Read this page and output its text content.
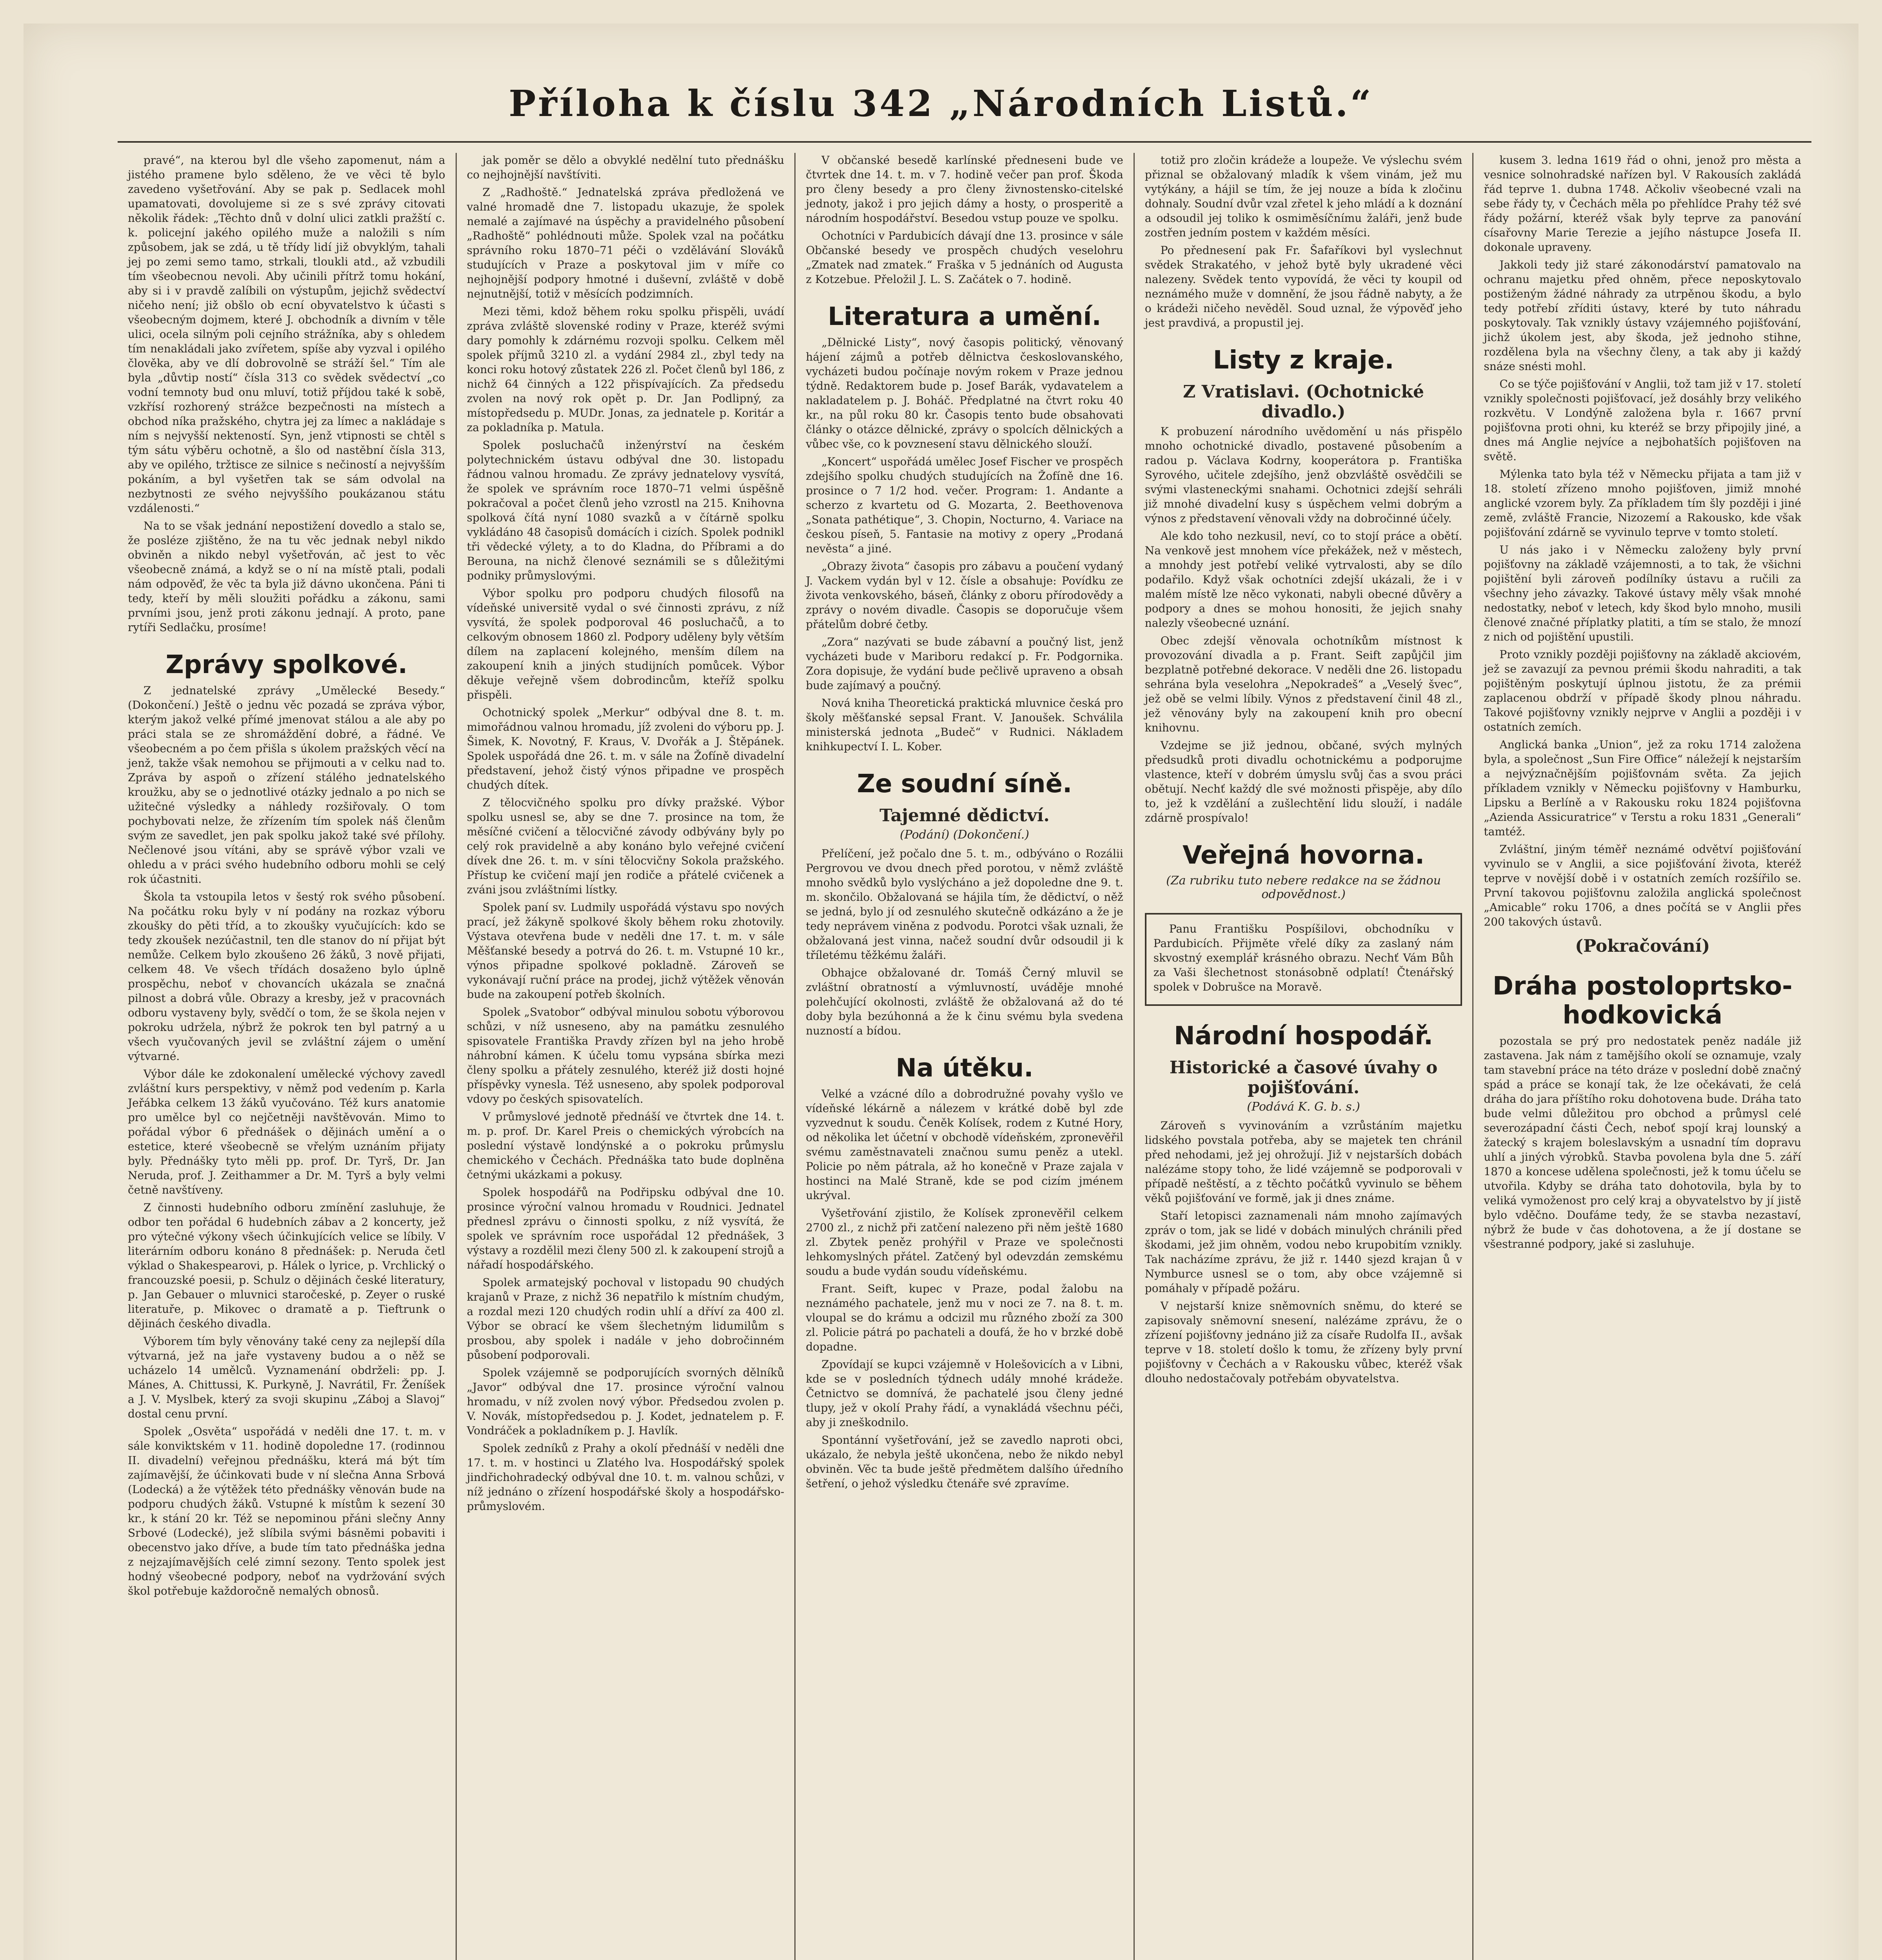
Příloha k číslu 342 „Národních Listů.“

pravé“, na kterou byl dle všeho zapomenut, nám a jistého pramene bylo sděleno, že ve věci tě bylo zavedeno vyšetřování. Aby se pak p. Sedlacek mohl upamatovati, dovolujeme si ze s své zprávy citovati několik řádek: „Těchto dnů v dolní ulici zatkli pražští c. k. policejní jakého opilého muže a naložili s ním způsobem, jak se zdá, u tě třídy lidí již obvyklým, tahali jej po zemi semo tamo, strkali, tloukli atd., až vzbudili tím všeobecnou nevoli. Aby učinili přítrž tomu hokání, aby si i v pravdě zalíbili on výstupům, jejichž svědectví ničeho není; již obšlo ob ecní obyvatelstvo k účasti s všeobecným dojmem, které J. obchodník a divním v těle ulici, ocela silným poli cejního strážníka, aby s ohledem tím nenakládali jako zvířetem, spíše aby vyzval i opilého člověka, aby ve dlí dobrovolně se stráží šel.“ Tím ale byla „důvtip ností“ čísla 313 co svědek svědectví „co vodní temnoty bud onu mluví, totiž příjdou také k sobě, vzkřísí rozhorený strážce bezpečnosti na místech a obchod níka pražského, chytra jej za límec a nakládaje s ním s nejvyšší nekteností. Syn, jenž vtipnosti se chtěl s tým sátu výběru ochotně, a šlo od nastěbní čísla 313, aby ve opilého, tržtisce ze silnice s nečiností a nejvyšším pokáním, a byl vyšetřen tak se sám odvolal na nezbytnosti ze svého nejvyššího poukázanou státu vzdálenosti.“

Na to se však jednání nepostižení dovedlo a stalo se, že posléze zjištěno, že na tu věc jednak nebyl nikdo obviněn a nikdo nebyl vyšetřován, ač jest to věc všeobecně známá, a když se o ní na místě ptali, podali nám odpověď, že věc ta byla již dávno ukončena. Páni ti tedy, kteří by měli sloužiti pořádku a zákonu, sami prvními jsou, jenž proti zákonu jednají. A proto, pane rytíři Sedlačku, prosíme!

Zprávy spolkové.

Z jednatelské zprávy „Umělecké Besedy.“ (Dokončení.) Ještě o jednu věc pozadá se zpráva výbor, kterým jakož velké přímé jmenovat stálou a ale aby po práci stala se ze shromáždění dobré, a řádné. Ve všeobecném a po čem přišla s úkolem pražských věcí na jenž, takže však nemohou se přijmouti a v celku nad to. Zpráva by aspoň o zřízení stálého jednatelského kroužku, aby se o jednotlivé otázky jednalo a po nich se užitečné výsledky a náhledy rozšiřovaly. O tom pochybovati nelze, že zřízením tím spolek náš členům svým ze savedlet, jen pak spolku jakož také své přílohy. Nečlenové jsou vítáni, aby se správě výbor vzali ve ohledu a v práci svého hudebního odboru mohli se celý rok účastniti.

Škola ta vstoupila letos v šestý rok svého působení. Na počátku roku byly v ní podány na rozkaz výboru zkoušky do pěti tříd, a to zkoušky vyučujících: kdo se tedy zkoušek nezúčastnil, ten dle stanov do ní přijat být nemůže. Celkem bylo zkoušeno 26 žáků, 3 nově přijati, celkem 48. Ve všech třídách dosaženo bylo úplně prospěchu, neboť v chovancích ukázala se značná pilnost a dobrá vůle. Obrazy a kresby, jež v pracovnách odboru vystaveny byly, svědčí o tom, že se škola nejen v pokroku udržela, nýbrž že pokrok ten byl patrný a u všech vyučovaných jevil se zvláštní zájem o umění výtvarné.

Výbor dále ke zdokonalení umělecké výchovy zavedl zvláštní kurs perspektivy, v němž pod vedením p. Karla Jeřábka celkem 13 žáků vyučováno. Též kurs anatomie pro umělce byl co nejčetněji navštěvován. Mimo to pořádal výbor 6 přednášek o dějinách umění a o estetice, které všeobecně se vřelým uznáním přijaty byly. Přednášky tyto měli pp. prof. Dr. Tyrš, Dr. Jan Neruda, prof. J. Zeithammer a Dr. M. Tyrš a byly velmi četně navštíveny.

Z činnosti hudebního odboru zmínění zasluhuje, že odbor ten pořádal 6 hudebních zábav a 2 koncerty, jež pro výtečné výkony všech účinkujících velice se líbily. V literárním odboru konáno 8 přednášek: p. Neruda četl výklad o Shakespearovi, p. Hálek o lyrice, p. Vrchlický o francouzské poesii, p. Schulz o dějinách české literatury, p. Jan Gebauer o mluvnici staročeské, p. Zeyer o ruské literatuře, p. Mikovec o dramatě a p. Tieftrunk o dějinách českého divadla.

Výborem tím byly věnovány také ceny za nejlepší díla výtvarná, jež na jaře vystaveny budou a o něž se ucházelo 14 umělců. Vyznamenání obdrželi: pp. J. Mánes, A. Chittussi, K. Purkyně, J. Navrátil, Fr. Ženíšek a J. V. Myslbek, který za svoji skupinu „Záboj a Slavoj“ dostal cenu první.

Spolek „Osvěta“ uspořádá v neděli dne 17. t. m. v sále konviktském v 11. hodině dopoledne 17. (rodinnou II. divadelní) veřejnou přednášku, která má být tím zajímavější, že účinkovati bude v ní slečna Anna Srbová (Lodecká) a že výtěžek této přednášky věnován bude na podporu chudých žáků. Vstupné k místům k sezení 30 kr., k stání 20 kr. Též se nepominou přáni slečny Anny Srbové (Lodecké), jež slíbila svými básněmi pobaviti i obecenstvo jako dříve, a bude tím tato přednáška jedna z nejzajímavějších celé zimní sezony. Tento spolek jest hodný všeobecné podpory, neboť na vydržování svých škol potřebuje každoročně nemalých obnosů.

jak poměr se dělo a obvyklé nedělní tuto přednášku co nejhojnější navštíviti.

Z „Radhoště.“ Jednatelská zpráva předložená ve valné hromadě dne 7. listopadu ukazuje, že spolek nemalé a zajímavé na úspěchy a pravidelného působení „Radhoště“ pohlédnouti může. Spolek vzal na počátku správního roku 1870–71 péči o vzdělávání Slováků studujících v Praze a poskytoval jim v míře co nejhojnější podpory hmotné i duševní, zvláště v době nejnutnější, totiž v měsících podzimních.

Mezi těmi, kdož během roku spolku přispěli, uvádí zpráva zvláště slovenské rodiny v Praze, kteréž svými dary pomohly k zdárnému rozvoji spolku. Celkem měl spolek příjmů 3210 zl. a vydání 2984 zl., zbyl tedy na konci roku hotový zůstatek 226 zl. Počet členů byl 186, z nichž 64 činných a 122 přispívajících. Za předsedu zvolen na nový rok opět p. Dr. Jan Podlipný, za místopředsedu p. MUDr. Jonas, za jednatele p. Koritár a za pokladníka p. Matula.

Spolek posluchačů inženýrství na českém polytechnickém ústavu odbýval dne 30. listopadu řádnou valnou hromadu. Ze zprávy jednatelovy vysvítá, že spolek ve správním roce 1870–71 velmi úspěšně pokračoval a počet členů jeho vzrostl na 215. Knihovna spolková čítá nyní 1080 svazků a v čítárně spolku vykládáno 48 časopisů domácích i cizích. Spolek podnikl tři vědecké výlety, a to do Kladna, do Příbrami a do Berouna, na nichž členové seznámili se s důležitými podniky průmyslovými.

Výbor spolku pro podporu chudých filosofů na vídeňské universitě vydal o své činnosti zprávu, z níž vysvítá, že spolek podporoval 46 posluchačů, a to celkovým obnosem 1860 zl. Podpory uděleny byly větším dílem na zaplacení kolejného, menším dílem na zakoupení knih a jiných studijních pomůcek. Výbor děkuje veřejně všem dobrodincům, kteříž spolku přispěli.

Ochotnický spolek „Merkur“ odbýval dne 8. t. m. mimořádnou valnou hromadu, jíž zvoleni do výboru pp. J. Šimek, K. Novotný, F. Kraus, V. Dvořák a J. Štěpánek. Spolek uspořádá dne 26. t. m. v sále na Žofíně divadelní představení, jehož čistý výnos připadne ve prospěch chudých dítek.

Z tělocvičného spolku pro dívky pražské. Výbor spolku usnesl se, aby se dne 7. prosince na tom, že měsíčné cvičení a tělocvičné závody odbývány byly po celý rok pravidelně a aby konáno bylo veřejné cvičení dívek dne 26. t. m. v síni tělocvičny Sokola pražského. Přístup ke cvičení mají jen rodiče a přátelé cvičenek a zváni jsou zvláštními lístky.

Spolek paní sv. Ludmily uspořádá výstavu spo nových prací, jež žákyně spolkové školy během roku zhotovily. Výstava otevřena bude v neděli dne 17. t. m. v sále Měšťanské besedy a potrvá do 26. t. m. Vstupné 10 kr., výnos připadne spolkové pokladně. Zároveň se vykonávají ruční práce na prodej, jichž výtěžek věnován bude na zakoupení potřeb školních.

Spolek „Svatobor“ odbýval minulou sobotu výborovou schůzi, v níž usneseno, aby na památku zesnulého spisovatele Františka Pravdy zřízen byl na jeho hrobě náhrobní kámen. K účelu tomu vypsána sbírka mezi členy spolku a přátely zesnulého, kteréž již dosti hojné příspěvky vynesla. Též usneseno, aby spolek podporoval vdovy po českých spisovatelích.

V průmyslové jednotě přednáší ve čtvrtek dne 14. t. m. p. prof. Dr. Karel Preis o chemických výrobcích na poslední výstavě londýnské a o pokroku průmyslu chemického v Čechách. Přednáška tato bude doplněna četnými ukázkami a pokusy.

Spolek hospodářů na Podřipsku odbýval dne 10. prosince výroční valnou hromadu v Roudnici. Jednatel přednesl zprávu o činnosti spolku, z níž vysvítá, že spolek ve správním roce uspořádal 12 přednášek, 3 výstavy a rozdělil mezi členy 500 zl. k zakoupení strojů a nářadí hospodářského.

Spolek armatejský pochoval v listopadu 90 chudých krajanů v Praze, z nichž 36 nepatřilo k místním chudým, a rozdal mezi 120 chudých rodin uhlí a dříví za 400 zl. Výbor se obrací ke všem šlechetným lidumilům s prosbou, aby spolek i nadále v jeho dobročinném působení podporovali.

Spolek vzájemně se podporujících svorných dělníků „Javor“ odbýval dne 17. prosince výroční valnou hromadu, v níž zvolen nový výbor. Předsedou zvolen p. V. Novák, místopředsedou p. J. Kodet, jednatelem p. F. Vondráček a pokladníkem p. J. Havlík.

Spolek zedníků z Prahy a okolí přednáší v neděli dne 17. t. m. v hostinci u Zlatého lva. Hospodářský spolek jindřichohradecký odbýval dne 10. t. m. valnou schůzi, v níž jednáno o zřízení hospodářské školy a hospodářsko-průmyslovém.

V občanské besedě karlínské předneseni bude ve čtvrtek dne 14. t. m. v 7. hodině večer pan prof. Škoda pro členy besedy a pro členy živnostensko-citelské jednoty, jakož i pro jejich dámy a hosty, o prosperitě a národním hospodářství. Besedou vstup pouze ve spolku.

Ochotníci v Pardubicích dávají dne 13. prosince v sále Občanské besedy ve prospěch chudých veselohru „Zmatek nad zmatek.“ Fraška v 5 jednáních od Augusta z Kotzebue. Přeložil J. L. S. Začátek o 7. hodině.

Literatura a umění.

„Dělnické Listy“, nový časopis politický, věnovaný hájení zájmů a potřeb dělnictva českoslovanského, vycházeti budou počínaje novým rokem v Praze jednou týdně. Redaktorem bude p. Josef Barák, vydavatelem a nakladatelem p. J. Boháč. Předplatné na čtvrt roku 40 kr., na půl roku 80 kr. Časopis tento bude obsahovati články o otázce dělnické, zprávy o spolcích dělnických a vůbec vše, co k povznesení stavu dělnického slouží.

„Koncert“ uspořádá umělec Josef Fischer ve prospěch zdejšího spolku chudých studujících na Žofíně dne 16. prosince o 7 1/2 hod. večer. Program: 1. Andante a scherzo z kvartetu od G. Mozarta, 2. Beethovenova „Sonata pathétique“, 3. Chopin, Nocturno, 4. Variace na českou píseň, 5. Fantasie na motivy z opery „Prodaná nevěsta“ a jiné.

„Obrazy života“ časopis pro zábavu a poučení vydaný J. Vackem vydán byl v 12. čísle a obsahuje: Povídku ze života venkovského, báseň, články z oboru přírodovědy a zprávy o novém divadle. Časopis se doporučuje všem přátelům dobré četby.

„Zora“ nazývati se bude zábavní a poučný list, jenž vycházeti bude v Mariboru redakcí p. Fr. Podgornika. Zora dopisuje, že vydání bude pečlivě upraveno a obsah bude zajímavý a poučný.

Nová kniha Theoretická praktická mluvnice česká pro školy měšťanské sepsal Frant. V. Janoušek. Schválila ministerská jednota „Budeč“ v Rudnici. Nákladem knihkupectví I. L. Kober.

Ze soudní síně.
Tajemné dědictví.
(Podání) (Dokončení.)

Přelíčení, jež počalo dne 5. t. m., odbýváno o Rozálii Pergrovou ve dvou dnech před porotou, v němž zvláště mnoho svědků bylo vyslýcháno a jež dopoledne dne 9. t. m. skončilo. Obžalovaná se hájila tím, že dědictví, o něž se jedná, bylo jí od zesnulého skutečně odkázáno a že je tedy neprávem viněna z podvodu. Porotci však uznali, že obžalovaná jest vinna, načež soudní dvůr odsoudil ji k tříletému těžkému žaláři.

Obhajce obžalované dr. Tomáš Černý mluvil se zvláštní obratností a výmluvností, uváděje mnohé polehčující okolnosti, zvláště že obžalovaná až do té doby byla bezúhonná a že k činu svému byla svedena nuzností a bídou.

Na útěku.

Velké a vzácné dílo a dobrodružné povahy vyšlo ve vídeňské lékárně a nálezem v krátké době byl zde vyzvednut k soudu. Čeněk Kolísek, rodem z Kutné Hory, od několika let účetní v obchodě vídeňském, zpronevěřil svému zaměstnavateli značnou sumu peněz a utekl. Policie po něm pátrala, až ho konečně v Praze zajala v hostinci na Malé Straně, kde se pod cizím jménem ukrýval.

Vyšetřování zjistilo, že Kolísek zpronevěřil celkem 2700 zl., z nichž při zatčení nalezeno při něm ještě 1680 zl. Zbytek peněz prohýřil v Praze ve společnosti lehkomyslných přátel. Zatčený byl odevzdán zemskému soudu a bude vydán soudu vídeňskému.

Frant. Seift, kupec v Praze, podal žalobu na neznámého pachatele, jenž mu v noci ze 7. na 8. t. m. vloupal se do krámu a odcizil mu různého zboží za 300 zl. Policie pátrá po pachateli a doufá, že ho v brzké době dopadne.

Zpovídají se kupci vzájemně v Holešovicích a v Libni, kde se v posledních týdnech udály mnohé krádeže. Četnictvo se domnívá, že pachatelé jsou členy jedné tlupy, jež v okolí Prahy řádí, a vynakládá všechnu péči, aby ji zneškodnilo.

Spontánní vyšetřování, jež se zavedlo naproti obci, ukázalo, že nebyla ještě ukončena, nebo že nikdo nebyl obviněn. Věc ta bude ještě předmětem dalšího úředního šetření, o jehož výsledku čtenáře své zpravíme.

totiž pro zločin krádeže a loupeže. Ve výslechu svém přiznal se obžalovaný mladík k všem vinám, jež mu vytýkány, a hájil se tím, že jej nouze a bída k zločinu dohnaly. Soudní dvůr vzal zřetel k jeho mládí a k doznání a odsoudil jej toliko k osmiměsíčnímu žaláři, jenž bude zostřen jedním postem v každém měsíci.

Po přednesení pak Fr. Šafaříkovi byl vyslechnut svědek Strakatého, v jehož bytě byly ukradené věci nalezeny. Svědek tento vypovídá, že věci ty koupil od neznámého muže v domnění, že jsou řádně nabyty, a že o krádeži ničeho nevěděl. Soud uznal, že výpověď jeho jest pravdivá, a propustil jej.

Listy z kraje.
Z Vratislavi. (Ochotnické divadlo.)

K probuzení národního uvědomění u nás přispělo mnoho ochotnické divadlo, postavené působením a radou p. Václava Kodrny, kooperátora p. Františka Syrového, učitele zdejšího, jenž obzvláště osvědčili se svými vlasteneckými snahami. Ochotnici zdejší sehráli již mnohé divadelní kusy s úspěchem velmi dobrým a výnos z představení věnovali vždy na dobročinné účely.

Ale kdo toho nezkusil, neví, co to stojí práce a obětí. Na venkově jest mnohem více překážek, než v městech, a mnohdy jest potřebí veliké vytrvalosti, aby se dílo podařilo. Když však ochotníci zdejší ukázali, že i v malém místě lze něco vykonati, nabyli obecné důvěry a podpory a dnes se mohou honositi, že jejich snahy nalezly všeobecné uznání.

Obec zdejší věnovala ochotníkům místnost k provozování divadla a p. Frant. Seift zapůjčil jim bezplatně potřebné dekorace. V neděli dne 26. listopadu sehrána byla veselohra „Nepokradeš“ a „Veselý švec“, jež obě se velmi líbily. Výnos z představení činil 48 zl., jež věnovány byly na zakoupení knih pro obecní knihovnu.

Vzdejme se již jednou, občané, svých mylných předsudků proti divadlu ochotnickému a podporujme vlastence, kteří v dobrém úmyslu svůj čas a svou práci obětují. Nechť každý dle své možnosti přispěje, aby dílo to, jež k vzdělání a zušlechtění lidu slouží, i nadále zdárně prospívalo!

Veřejná hovorna.
(Za rubriku tuto nebere redakce na se žádnou odpovědnost.)

Panu Františku Pospíšilovi, obchodníku v Pardubicích. Přijměte vřelé díky za zaslaný nám skvostný exemplář krásného obrazu. Nechť Vám Bůh za Vaši šlechetnost stonásobně odplatí! Čtenářský spolek v Dobrušce na Moravě.

Národní hospodář.
Historické a časové úvahy o pojišťování.
(Podává K. G. b. s.)

Zároveň s vyvinováním a vzrůstáním majetku lidského povstala potřeba, aby se majetek ten chránil před nehodami, jež jej ohrožují. Již v nejstarších dobách nalézáme stopy toho, že lidé vzájemně se podporovali v případě neštěstí, a z těchto počátků vyvinulo se během věků pojišťování ve formě, jak ji dnes známe.

Staří letopisci zaznamenali nám mnoho zajímavých zpráv o tom, jak se lidé v dobách minulých chránili před škodami, jež jim ohněm, vodou nebo krupobitím vznikly. Tak nacházíme zprávu, že již r. 1440 sjezd krajan ů v Nymburce usnesl se o tom, aby obce vzájemně si pomáhaly v případě požáru.

V nejstarší knize sněmovních sněmu, do které se zapisovaly sněmovní snesení, nalézáme zprávu, že o zřízení pojišťovny jednáno již za císaře Rudolfa II., avšak teprve v 18. století došlo k tomu, že zřízeny byly první pojišťovny v Čechách a v Rakousku vůbec, kteréž však dlouho nedostačovaly potřebám obyvatelstva.

kusem 3. ledna 1619 řád o ohni, jenož pro města a vesnice solnohradské nařízen byl. V Rakousích zakládá řád teprve 1. dubna 1748. Ačkoliv všeobecné vzali na sebe řády ty, v Čechách měla po přehlídce Prahy též své řády požární, kteréž však byly teprve za panování císařovny Marie Terezie a jejího nástupce Josefa II. dokonale upraveny.

Jakkoli tedy již staré zákonodárství pamatovalo na ochranu majetku před ohněm, přece neposkytovalo postiženým žádné náhrady za utrpěnou škodu, a bylo tedy potřebí zříditi ústavy, které by tuto náhradu poskytovaly. Tak vznikly ústavy vzájemného pojišťování, jichž úkolem jest, aby škoda, jež jednoho stihne, rozdělena byla na všechny členy, a tak aby ji každý snáze snésti mohl.

Co se týče pojišťování v Anglii, tož tam již v 17. století vznikly společnosti pojišťovací, jež dosáhly brzy velikého rozkvětu. V Londýně založena byla r. 1667 první pojišťovna proti ohni, ku kteréž se brzy připojily jiné, a dnes má Anglie nejvíce a nejbohatších pojišťoven na světě.

Mýlenka tato byla též v Německu přijata a tam již v 18. století zřízeno mnoho pojišťoven, jimiž mnohé anglické vzorem byly. Za příkladem tím šly později i jiné země, zvláště Francie, Nizozemí a Rakousko, kde však pojišťování zdárně se vyvinulo teprve v tomto století.

U nás jako i v Německu založeny byly první pojišťovny na základě vzájemnosti, a to tak, že všichni pojištění byli zároveň podílníky ústavu a ručili za všechny jeho závazky. Takové ústavy měly však mnohé nedostatky, neboť v letech, kdy škod bylo mnoho, musili členové značné příplatky platiti, a tím se stalo, že mnozí z nich od pojištění upustili.

Proto vznikly později pojišťovny na základě akciovém, jež se zavazují za pevnou prémii škodu nahraditi, a tak pojištěným poskytují úplnou jistotu, že za prémii zaplacenou obdrží v případě škody plnou náhradu. Takové pojišťovny vznikly nejprve v Anglii a později i v ostatních zemích.

Anglická banka „Union“, jež za roku 1714 založena byla, a společnost „Sun Fire Office“ náležejí k nejstarším a nejvýznačnějším pojišťovnám světa. Za jejich příkladem vznikly v Německu pojišťovny v Hamburku, Lipsku a Berlíně a v Rakousku roku 1824 pojišťovna „Azienda Assicuratrice“ v Terstu a roku 1831 „Generali“ tamtéž.

Zvláštní, jiným téměř neznámé odvětví pojišťování vyvinulo se v Anglii, a sice pojišťování života, kteréž teprve v novější době i v ostatních zemích rozšířilo se. První takovou pojišťovnu založila anglická společnost „Amicable“ roku 1706, a dnes počítá se v Anglii přes 200 takových ústavů.

(Pokračování)
Dráha postoloprtsko-hodkovická

pozostala se prý pro nedostatek peněz nadále již zastavena. Jak nám z tamějšího okolí se oznamuje, vzaly tam stavební práce na této dráze v poslední době značný spád a práce se konají tak, že lze očekávati, že celá dráha do jara příštího roku dohotovena bude. Dráha tato bude velmi důležitou pro obchod a průmysl celé severozápadní části Čech, neboť spojí kraj lounský a žatecký s krajem boleslavským a usnadní tím dopravu uhlí a jiných výrobků. Stavba povolena byla dne 5. září 1870 a koncese udělena společnosti, jež k tomu účelu se utvořila. Kdyby se dráha tato dohotovila, byla by to veliká vymoženost pro celý kraj a obyvatelstvo by jí jistě bylo vděčno. Doufáme tedy, že se stavba nezastaví, nýbrž že bude v čas dohotovena, a že jí dostane se všestranné podpory, jaké si zasluhuje.
